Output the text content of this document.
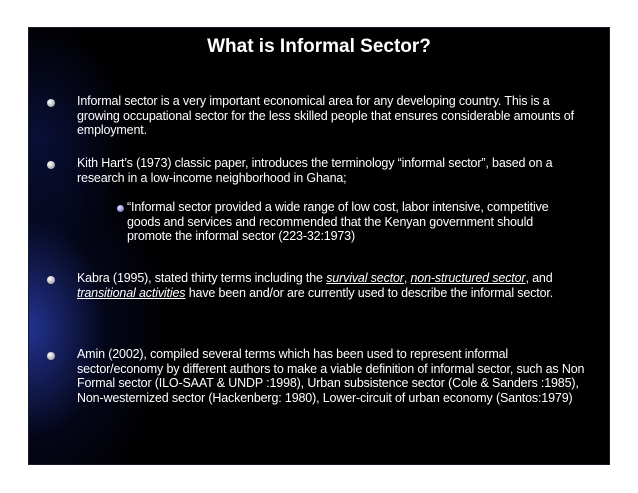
What is Informal Sector?
Informal sector is a very important economical area for any developing country. This is a growing occupational sector for the less skilled people that ensures considerable amounts of employment.
Kith Hart’s (1973) classic paper, introduces the terminology “informal sector”, based on a research in a low-income neighborhood in Ghana;
“Informal sector provided a wide range of low cost, labor intensive, competitive goods and services and recommended that the Kenyan government should promote the informal sector (223-32:1973)
Kabra (1995), stated thirty terms including the survival sector, non-structured sector, and transitional activities have been and/or are currently used to describe the informal sector.
Amin (2002), compiled several terms which has been used to represent informal sector/economy by different authors to make a viable definition of informal sector, such as Non Formal sector (ILO-SAAT & UNDP :1998), Urban subsistence sector (Cole & Sanders :1985), Non-westernized sector (Hackenberg: 1980), Lower-circuit of urban economy (Santos:1979)
